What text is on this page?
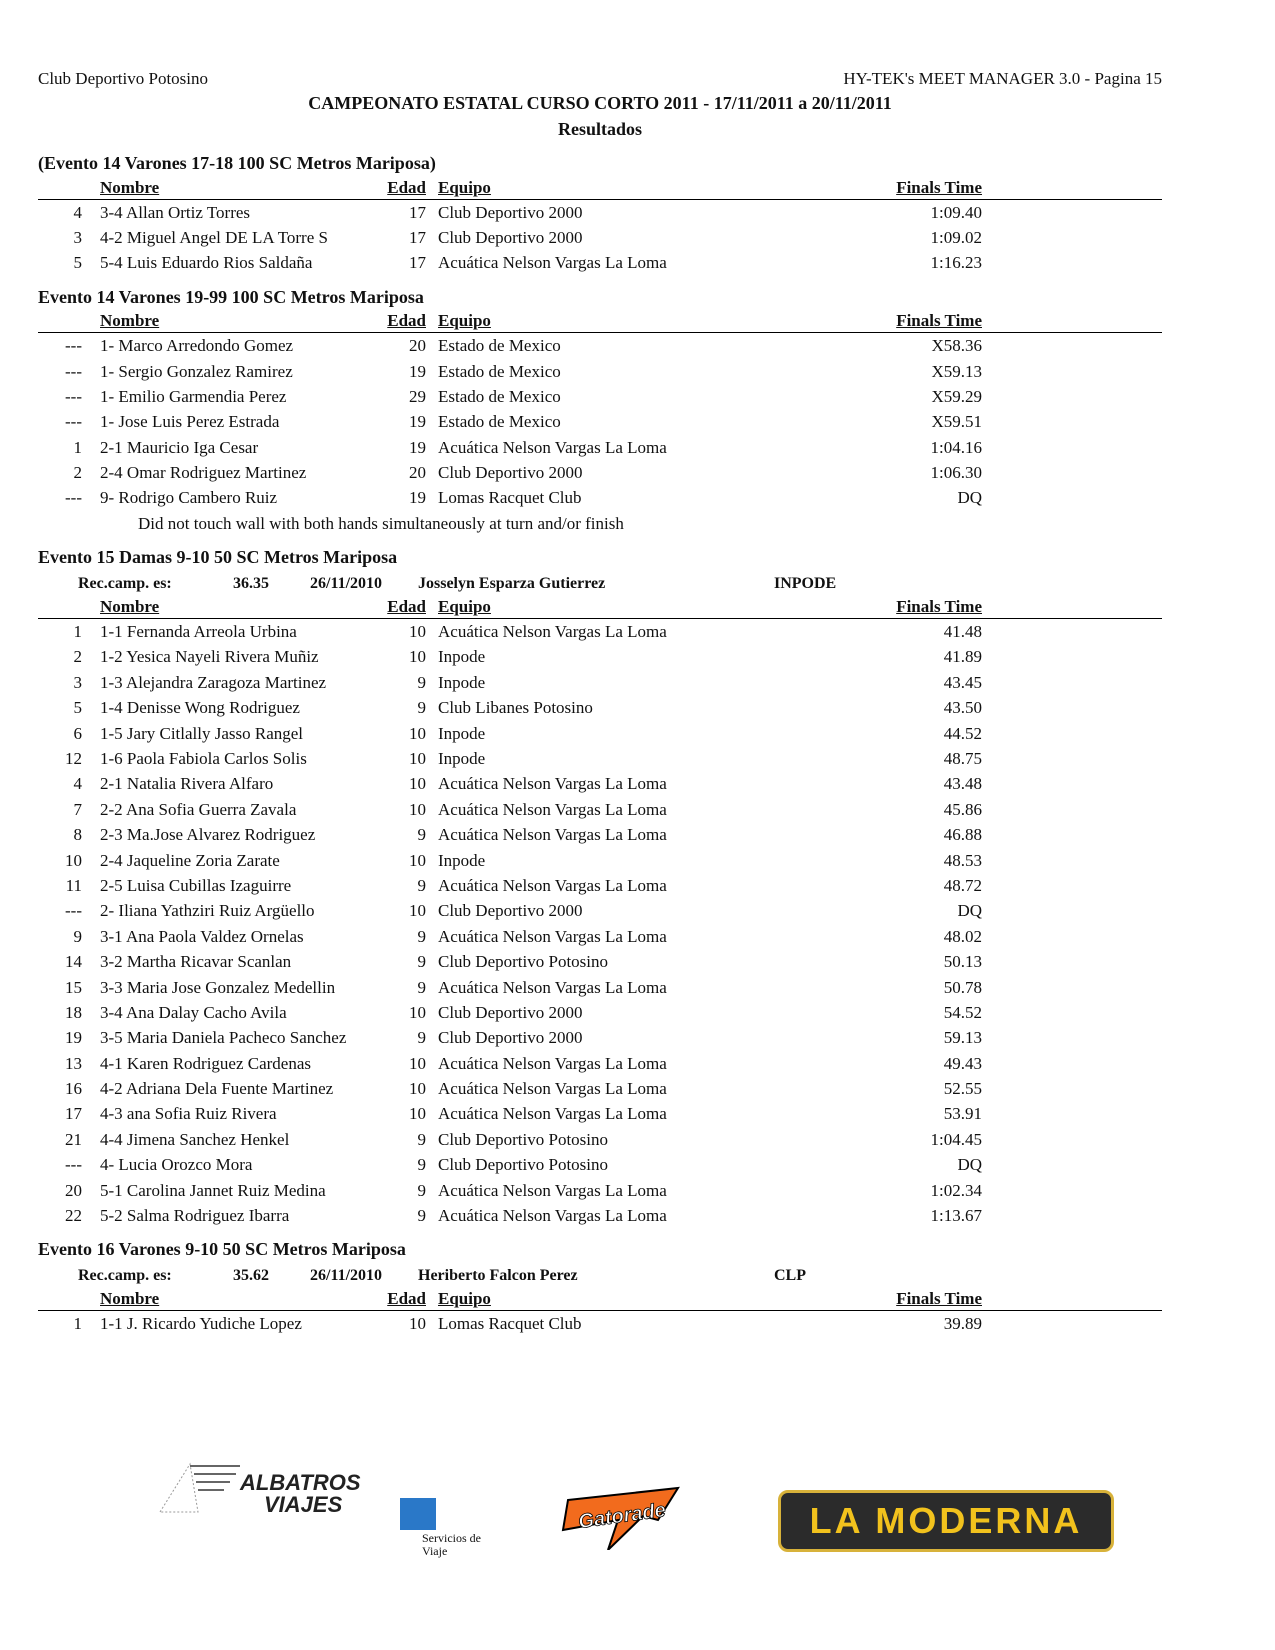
Club Deportivo Potosino	HY-TEK's MEET MANAGER 3.0 - Pagina 15
CAMPEONATO ESTATAL CURSO CORTO 2011 - 17/11/2011 a 20/11/2011
Resultados
(Evento 14 Varones 17-18 100 SC Metros Mariposa)
Nombre	Edad Equipo	Finals Time
4 3-4 Allan Ortiz Torres	17 Club Deportivo 2000	1:09.40
3 4-2 Miguel Angel DE LA Torre S	17 Club Deportivo 2000	1:09.02
5 5-4 Luis Eduardo Rios Saldaña	17 Acuática Nelson Vargas La Loma	1:16.23
Evento 14 Varones 19-99 100 SC Metros Mariposa
Nombre	Edad Equipo	Finals Time
--- 1- Marco Arredondo Gomez	20 Estado de Mexico	X58.36
--- 1- Sergio Gonzalez Ramirez	19 Estado de Mexico	X59.13
--- 1- Emilio Garmendia Perez	29 Estado de Mexico	X59.29
--- 1- Jose Luis Perez Estrada	19 Estado de Mexico	X59.51
1 2-1 Mauricio Iga Cesar	19 Acuática Nelson Vargas La Loma	1:04.16
2 2-4 Omar Rodriguez Martinez	20 Club Deportivo 2000	1:06.30
--- 9- Rodrigo Cambero Ruiz	19 Lomas Racquet Club	DQ
Did not touch wall with both hands simultaneously at turn and/or finish
Evento 15 Damas 9-10 50 SC Metros Mariposa
Rec.camp. es:	36.35	26/11/2010 Josselyn Esparza Gutierrez	INPODE
Nombre	Edad Equipo	Finals Time
1 1-1 Fernanda Arreola Urbina	10 Acuática Nelson Vargas La Loma	41.48
2 1-2 Yesica Nayeli Rivera Muñiz	10 Inpode	41.89
3 1-3 Alejandra Zaragoza Martinez	9 Inpode	43.45
5 1-4 Denisse Wong Rodriguez	9 Club Libanes Potosino	43.50
6 1-5 Jary Citlally Jasso Rangel	10 Inpode	44.52
12 1-6 Paola Fabiola Carlos Solis	10 Inpode	48.75
4 2-1 Natalia Rivera Alfaro	10 Acuática Nelson Vargas La Loma	43.48
7 2-2 Ana Sofia Guerra Zavala	10 Acuática Nelson Vargas La Loma	45.86
8 2-3 Ma.Jose Alvarez Rodriguez	9 Acuática Nelson Vargas La Loma	46.88
10 2-4 Jaqueline Zoria Zarate	10 Inpode	48.53
11 2-5 Luisa Cubillas Izaguirre	9 Acuática Nelson Vargas La Loma	48.72
--- 2- Iliana Yathziri Ruiz Argüello	10 Club Deportivo 2000	DQ
9 3-1 Ana Paola Valdez Ornelas	9 Acuática Nelson Vargas La Loma	48.02
14 3-2 Martha Ricavar Scanlan	9 Club Deportivo Potosino	50.13
15 3-3 Maria Jose Gonzalez Medellin	9 Acuática Nelson Vargas La Loma	50.78
18 3-4 Ana Dalay Cacho Avila	10 Club Deportivo 2000	54.52
19 3-5 Maria Daniela Pacheco Sanchez	9 Club Deportivo 2000	59.13
13 4-1 Karen Rodriguez Cardenas	10 Acuática Nelson Vargas La Loma	49.43
16 4-2 Adriana Dela Fuente Martinez	10 Acuática Nelson Vargas La Loma	52.55
17 4-3 ana Sofia Ruiz Rivera	10 Acuática Nelson Vargas La Loma	53.91
21 4-4 Jimena Sanchez Henkel	9 Club Deportivo Potosino	1:04.45
--- 4- Lucia Orozco Mora	9 Club Deportivo Potosino	DQ
20 5-1 Carolina Jannet Ruiz Medina	9 Acuática Nelson Vargas La Loma	1:02.34
22 5-2 Salma Rodriguez Ibarra	9 Acuática Nelson Vargas La Loma	1:13.67
Evento 16 Varones 9-10 50 SC Metros Mariposa
Rec.camp. es:	35.62	26/11/2010 Heriberto Falcon Perez	CLP
Nombre	Edad Equipo	Finals Time
1 1-1 J. Ricardo Yudiche Lopez	10 Lomas Racquet Club	39.89
ALBATROS
VIAJES
Servicios de Viaje
Gatorade	LA MODERNA
